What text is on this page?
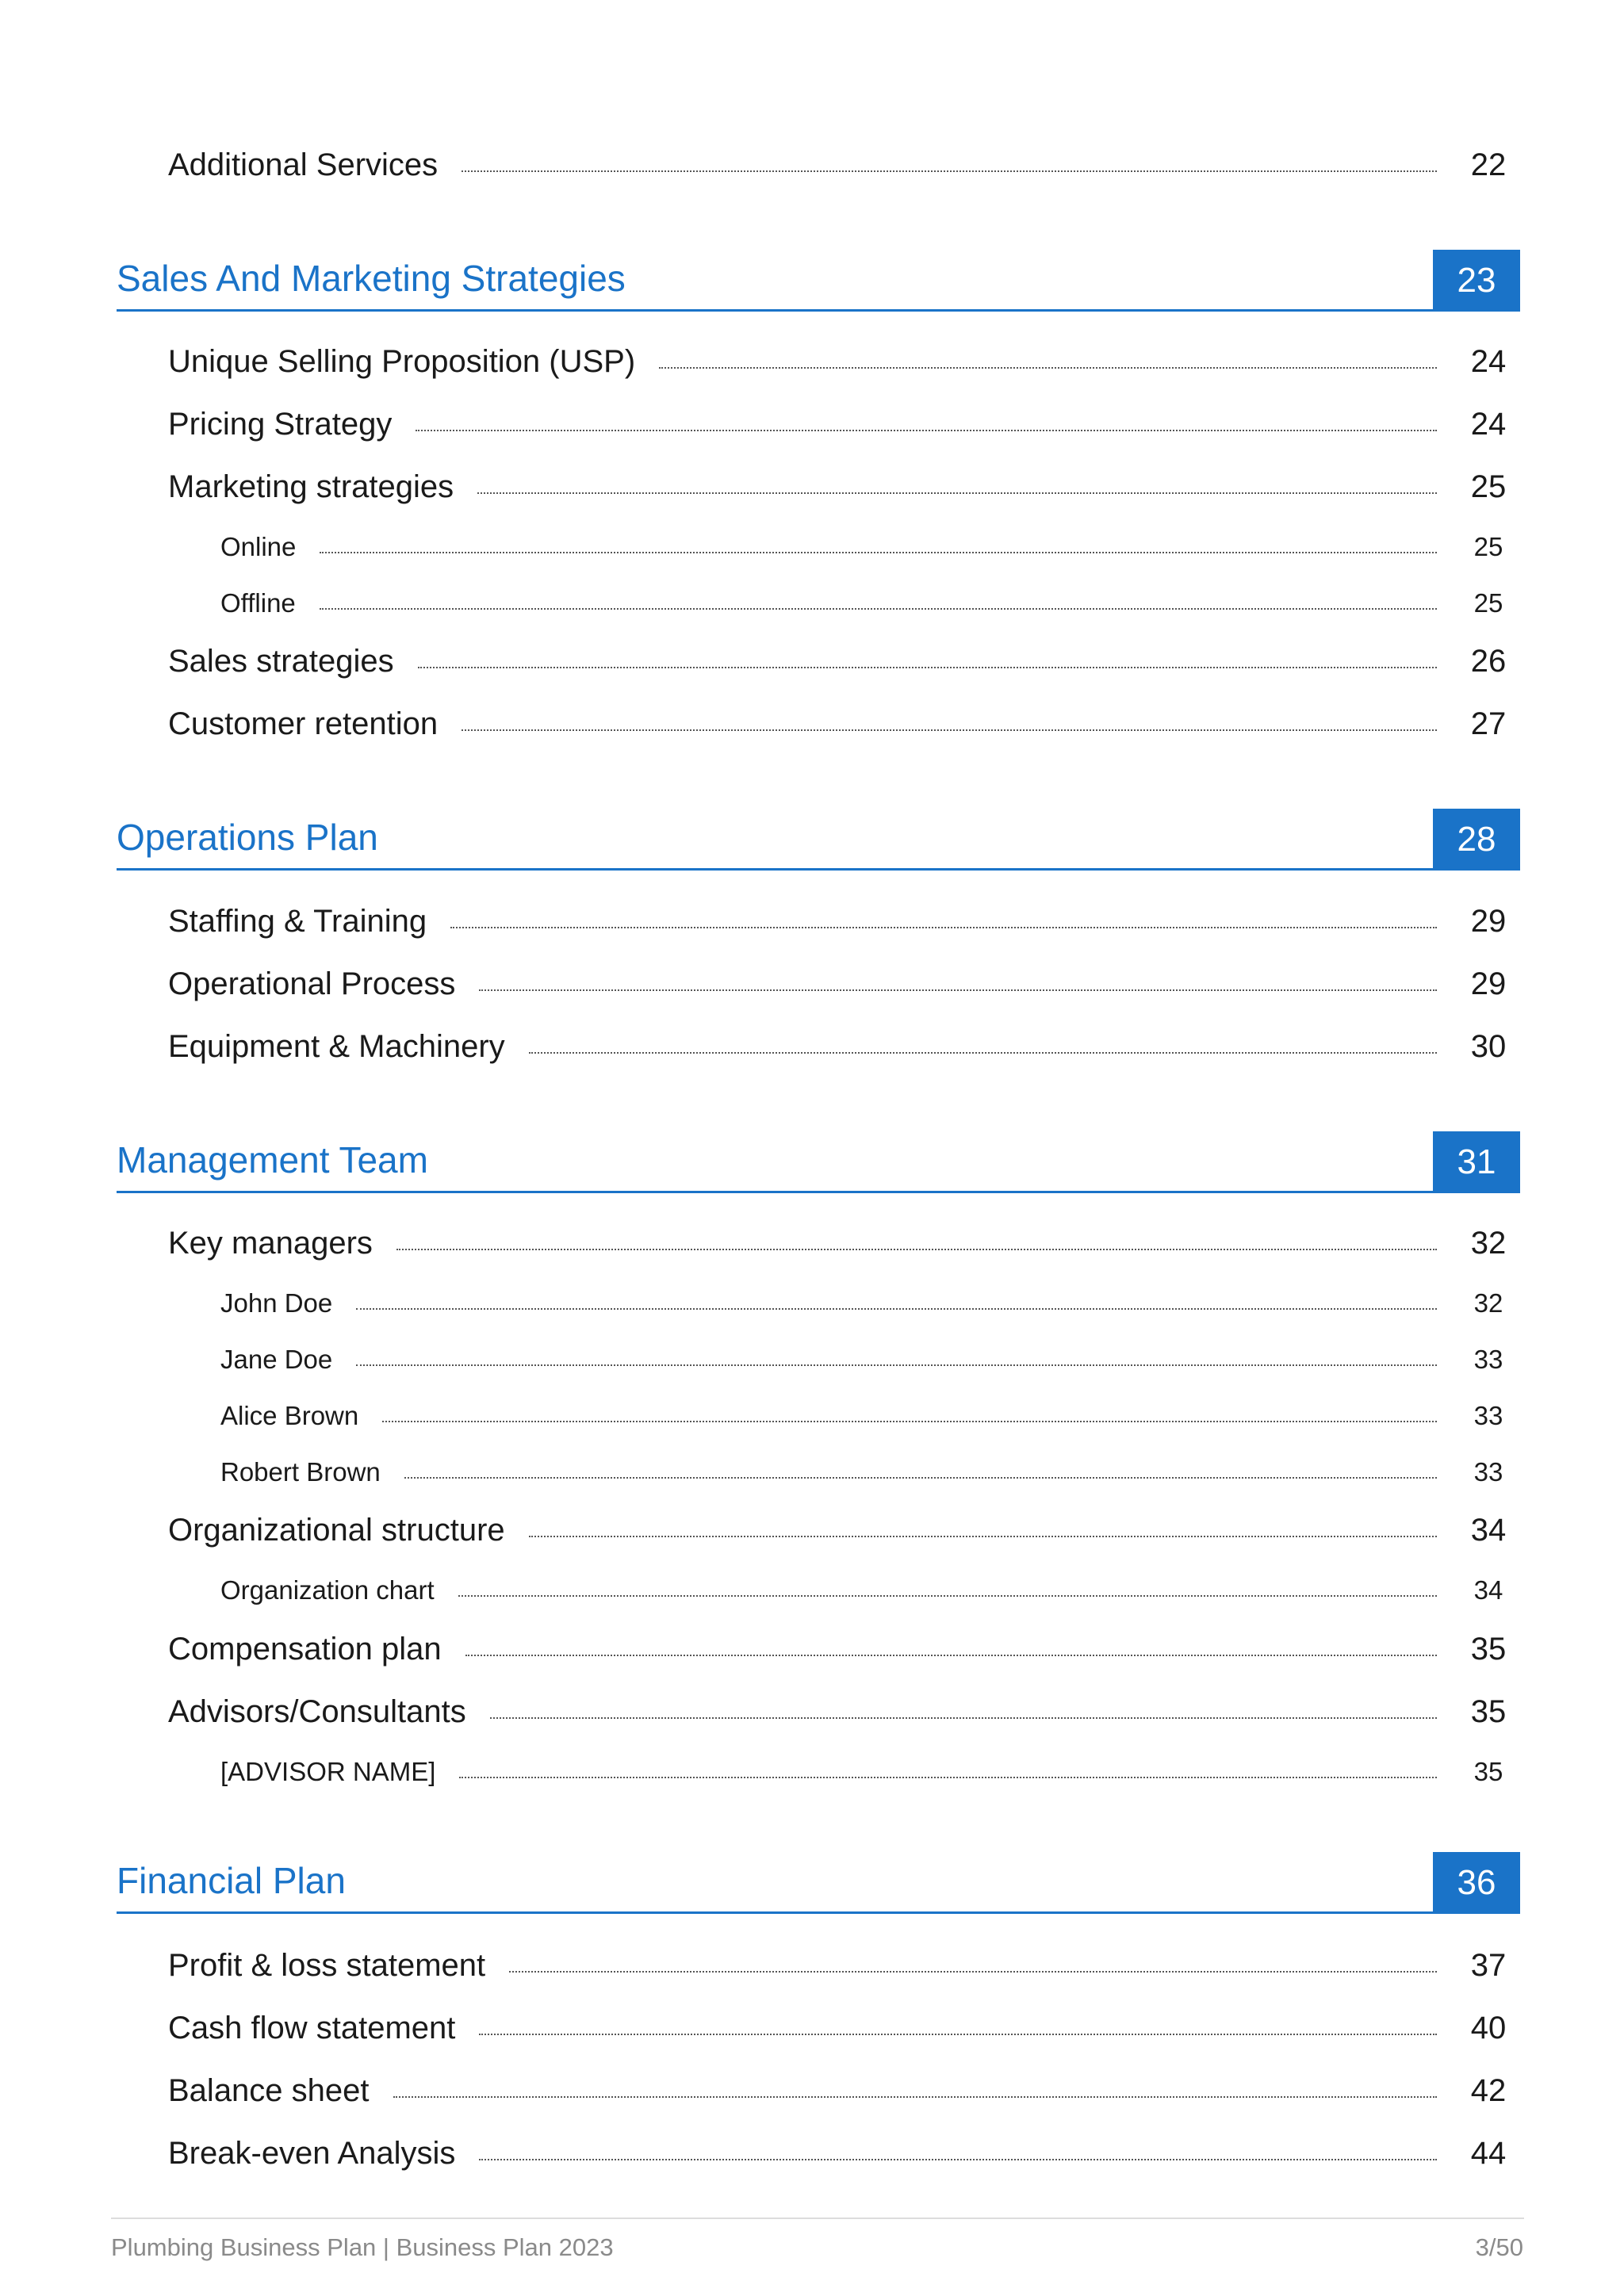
Additional Services	22
Sales And Marketing Strategies	23
Unique Selling Proposition (USP)	24
Pricing Strategy	24
Marketing strategies	25
Online	25
Offline	25
Sales strategies	26
Customer retention	27
Operations Plan	28
Staffing & Training	29
Operational Process	29
Equipment & Machinery	30
Management Team	31
Key managers	32
John Doe	32
Jane Doe	33
Alice Brown	33
Robert Brown	33
Organizational structure	34
Organization chart	34
Compensation plan	35
Advisors/Consultants	35
[ADVISOR NAME]	35
Financial Plan	36
Profit & loss statement	37
Cash flow statement	40
Balance sheet	42
Break-even Analysis	44
Plumbing Business Plan | Business Plan 2023	3/50
